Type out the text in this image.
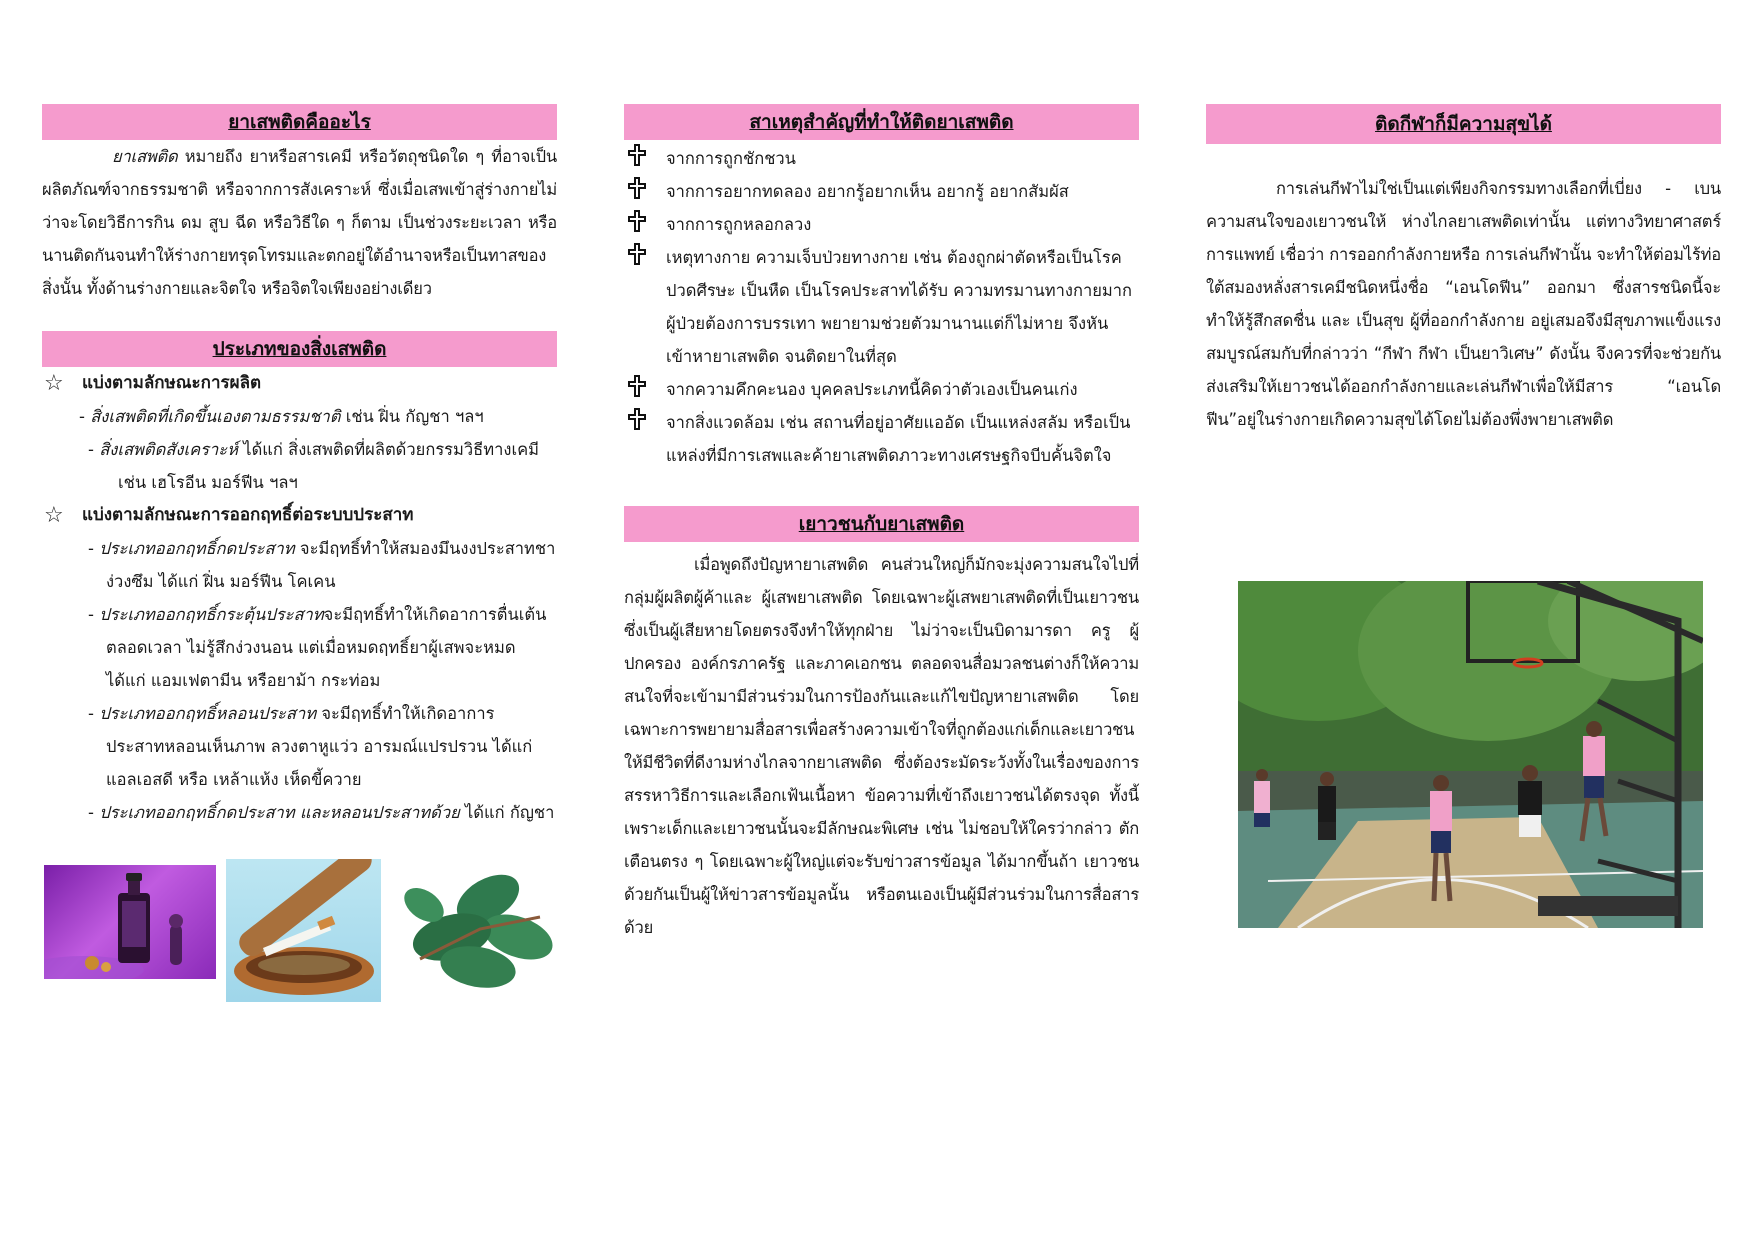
ยาเสพติดคืออะไร

ยาเสพติด หมายถึง ยาหรือสารเคมี หรือวัตถุชนิดใด ๆ ที่อาจเป็นผลิตภัณฑ์จากธรรมชาติ หรือจากการสังเคราะห์ ซึ่งเมื่อเสพเข้าสู่ร่างกายไม่ว่าจะโดยวิธีการกิน ดม สูบ ฉีด หรือวิธีใด ๆ ก็ตาม เป็นช่วงระยะเวลา หรือนานติดกันจนทำให้ร่างกายทรุดโทรมและตกอยู่ใต้อำนาจหรือเป็นทาสของสิ่งนั้น ทั้งด้านร่างกายและจิตใจ หรือจิตใจเพียงอย่างเดียว

ประเภทของสิ่งเสพติด
☆ แบ่งตามลักษณะการผลิต
- สิ่งเสพติดที่เกิดขึ้นเองตามธรรมชาติ เช่น ฝิ่น กัญชา ฯลฯ
- สิ่งเสพติดสังเคราะห์ ได้แก่ สิ่งเสพติดที่ผลิตด้วยกรรมวิธีทางเคมี เช่น เฮโรอีน มอร์ฟีน ฯลฯ
☆ แบ่งตามลักษณะการออกฤทธิ์ต่อระบบประสาท
- ประเภทออกฤทธิ์กดประสาท จะมีฤทธิ์ทำให้สมองมึนงงประสาทชา ง่วงซึม ได้แก่ ฝิ่น มอร์ฟีน โคเคน
- ประเภทออกฤทธิ์กระตุ้นประสาทจะมีฤทธิ์ทำให้เกิดอาการตื่นเต้น ตลอดเวลา ไม่รู้สึกง่วงนอน แต่เมื่อหมดฤทธิ์ยาผู้เสพจะหมด ได้แก่ แอมเฟตามีน หรือยาม้า กระท่อม
- ประเภทออกฤทธิ์หลอนประสาท จะมีฤทธิ์ทำให้เกิดอาการประสาทหลอนเห็นภาพ ลวงตาหูแว่ว อารมณ์แปรปรวน ได้แก่ แอลเอสดี หรือ เหล้าแห้ง เห็ดขี้ควาย
- ประเภทออกฤทธิ์กดประสาท และหลอนประสาทด้วย ได้แก่ กัญชา
สาเหตุสำคัญที่ทำให้ติดยาเสพติด
จากการถูกชักชวน
จากการอยากทดลอง อยากรู้อยากเห็น อยากรู้ อยากสัมผัส
จากการถูกหลอกลวง
เหตุทางกาย ความเจ็บป่วยทางกาย เช่น ต้องถูกผ่าตัดหรือเป็นโรคปวดศีรษะ เป็นหืด เป็นโรคประสาทได้รับ ความทรมานทางกายมากผู้ป่วยต้องการบรรเทา พยายามช่วยตัวมานานแต่ก็ไม่หาย จึงหันเข้าหายาเสพติด จนติดยาในที่สุด
จากความคึกคะนอง บุคคลประเภทนี้คิดว่าตัวเองเป็นคนเก่ง
จากสิ่งแวดล้อม เช่น สถานที่อยู่อาศัยแออัด เป็นแหล่งสลัม หรือเป็นแหล่งที่มีการเสพและค้ายาเสพติดภาวะทางเศรษฐกิจบีบคั้นจิตใจ
เยาวชนกับยาเสพติด

เมื่อพูดถึงปัญหายาเสพติด คนส่วนใหญ่ก็มักจะมุ่งความสนใจไปที่กลุ่มผู้ผลิตผู้ค้าและ ผู้เสพยาเสพติด โดยเฉพาะผู้เสพยาเสพติดที่เป็นเยาวชน ซึ่งเป็นผู้เสียหายโดยตรงจึงทำให้ทุกฝ่าย ไม่ว่าจะเป็นบิดามารดา ครู ผู้ปกครอง องค์กรภาครัฐ และภาคเอกชน ตลอดจนสื่อมวลชนต่างก็ให้ความสนใจที่จะเข้ามามีส่วนร่วมในการป้องกันและแก้ไขปัญหายาเสพติด โดยเฉพาะการพยายามสื่อสารเพื่อสร้างความเข้าใจที่ถูกต้องแก่เด็กและเยาวชนให้มีชีวิตที่ดีงามห่างไกลจากยาเสพติด ซึ่งต้องระมัดระวังทั้งในเรื่องของการสรรหาวิธีการและเลือกเฟ้นเนื้อหา ข้อความที่เข้าถึงเยาวชนได้ตรงจุด ทั้งนี้เพราะเด็กและเยาวชนนั้นจะมีลักษณะพิเศษ เช่น ไม่ชอบให้ใครว่ากล่าว ตักเตือนตรง ๆ โดยเฉพาะผู้ใหญ่แต่จะรับข่าวสารข้อมูล ได้มากขึ้นถ้า เยาวชนด้วยกันเป็นผู้ให้ข่าวสารข้อมูลนั้น หรือตนเองเป็นผู้มีส่วนร่วมในการสื่อสารด้วย

ติดกีฬาก็มีความสุขได้

การเล่นกีฬาไม่ใช่เป็นแต่เพียงกิจกรรมทางเลือกที่เบี่ยง - เบนความสนใจของเยาวชนให้ ห่างไกลยาเสพติดเท่านั้น แต่ทางวิทยาศาสตร์การแพทย์ เชื่อว่า การออกกำลังกายหรือ การเล่นกีฬานั้น จะทำให้ต่อมไร้ท่อใต้สมองหลั่งสารเคมีชนิดหนึ่งชื่อ “เอนโดฟีน” ออกมา ซึ่งสารชนิดนี้จะทำให้รู้สึกสดชื่น และ เป็นสุข ผู้ที่ออกกำลังกาย อยู่เสมอจึงมีสุขภาพแข็งแรง สมบูรณ์สมกับที่กล่าวว่า “กีฬา กีฬา เป็นยาวิเศษ” ดังนั้น จึงควรที่จะช่วยกันส่งเสริมให้เยาวชนได้ออกกำลังกายและเล่นกีฬาเพื่อให้มีสาร “เอนโดฟีน”อยู่ในร่างกายเกิดความสุขได้โดยไม่ต้องพึ่งพายาเสพติด
